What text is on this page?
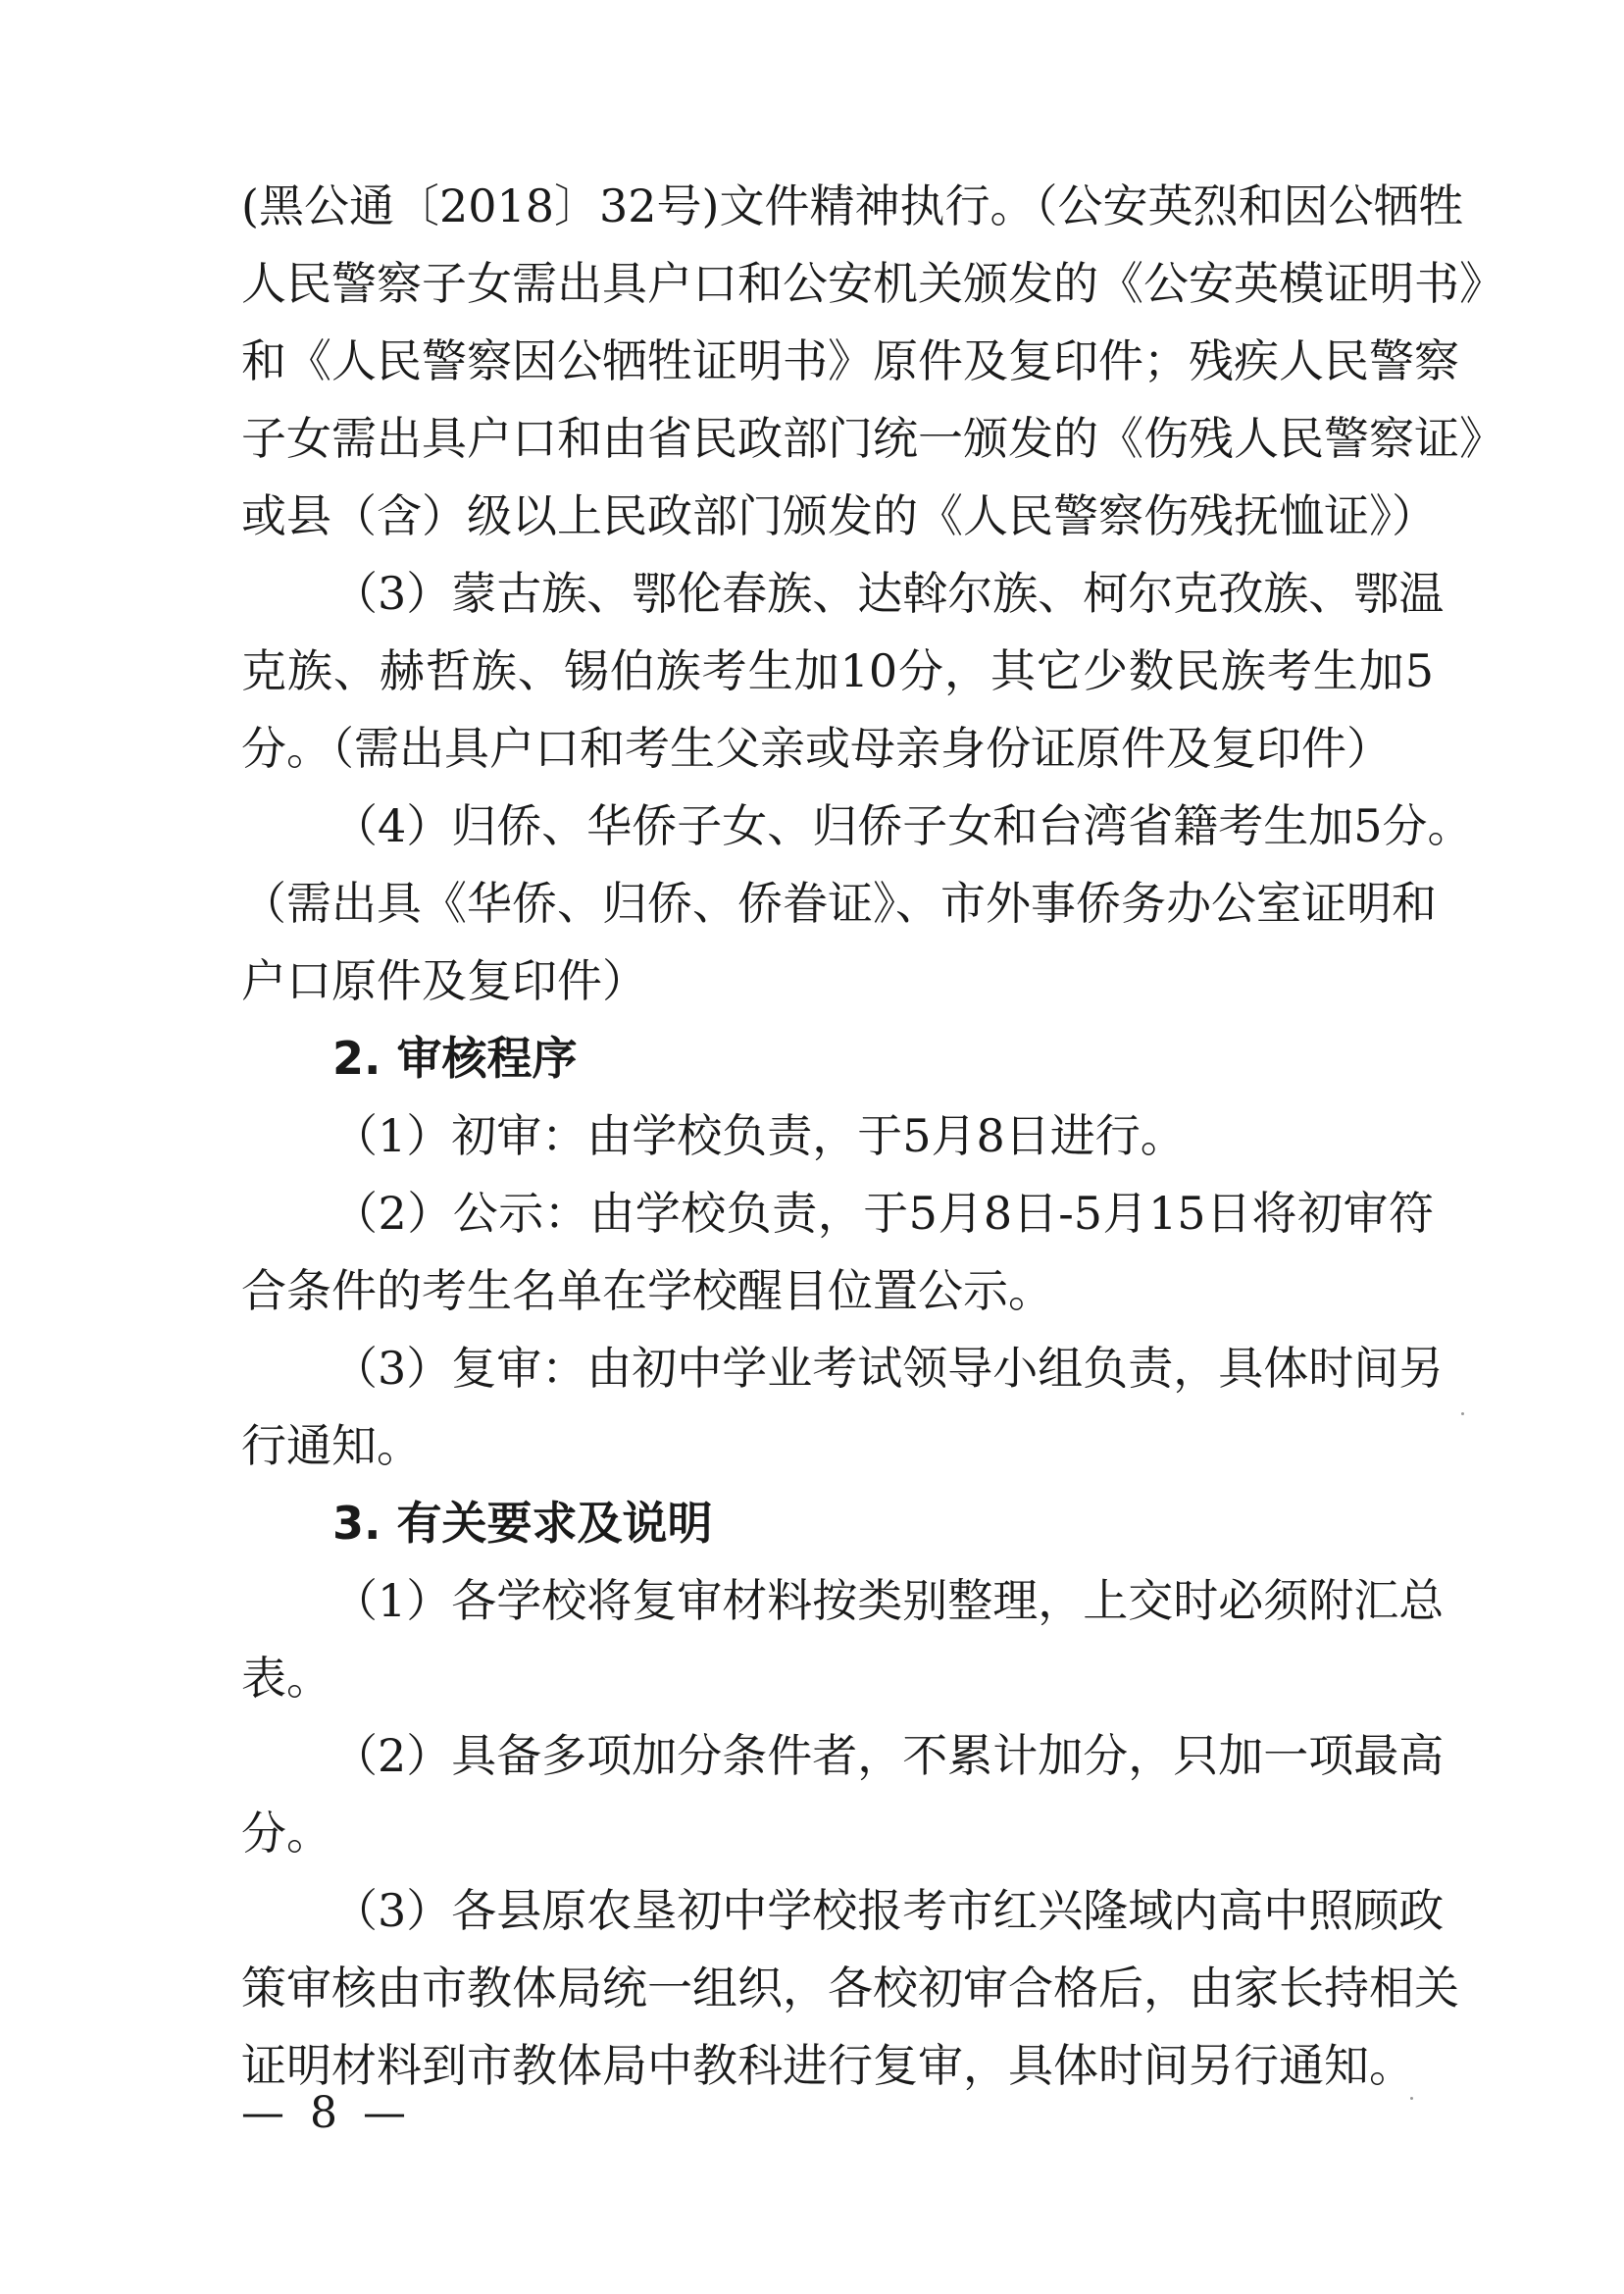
(黑公通〔2018〕32号)文件精神执行。（公安英烈和因公牺牲
人民警察子女需出具户口和公安机关颁发的《公安英模证明书》
和《人民警察因公牺牲证明书》原件及复印件；残疾人民警察
子女需出具户口和由省民政部门统一颁发的《伤残人民警察证》
或县（含）级以上民政部门颁发的《人民警察伤残抚恤证》）
（3）蒙古族、鄂伦春族、达斡尔族、柯尔克孜族、鄂温
克族、赫哲族、锡伯族考生加10分，其它少数民族考生加5
分。（需出具户口和考生父亲或母亲身份证原件及复印件）
（4）归侨、华侨子女、归侨子女和台湾省籍考生加5分。
（需出具《华侨、归侨、侨眷证》、市外事侨务办公室证明和
户口原件及复印件）
2. 审核程序
（1）初审：由学校负责，于5月8日进行。
（2）公示：由学校负责，于5月8日-5月15日将初审符
合条件的考生名单在学校醒目位置公示。
（3）复审：由初中学业考试领导小组负责，具体时间另
行通知。
3. 有关要求及说明
（1）各学校将复审材料按类别整理，上交时必须附汇总
表。
（2）具备多项加分条件者，不累计加分，只加一项最高
分。
（3）各县原农垦初中学校报考市红兴隆域内高中照顾政
策审核由市教体局统一组织，各校初审合格后，由家长持相关
证明材料到市教体局中教科进行复审，具体时间另行通知。
— 8 —
